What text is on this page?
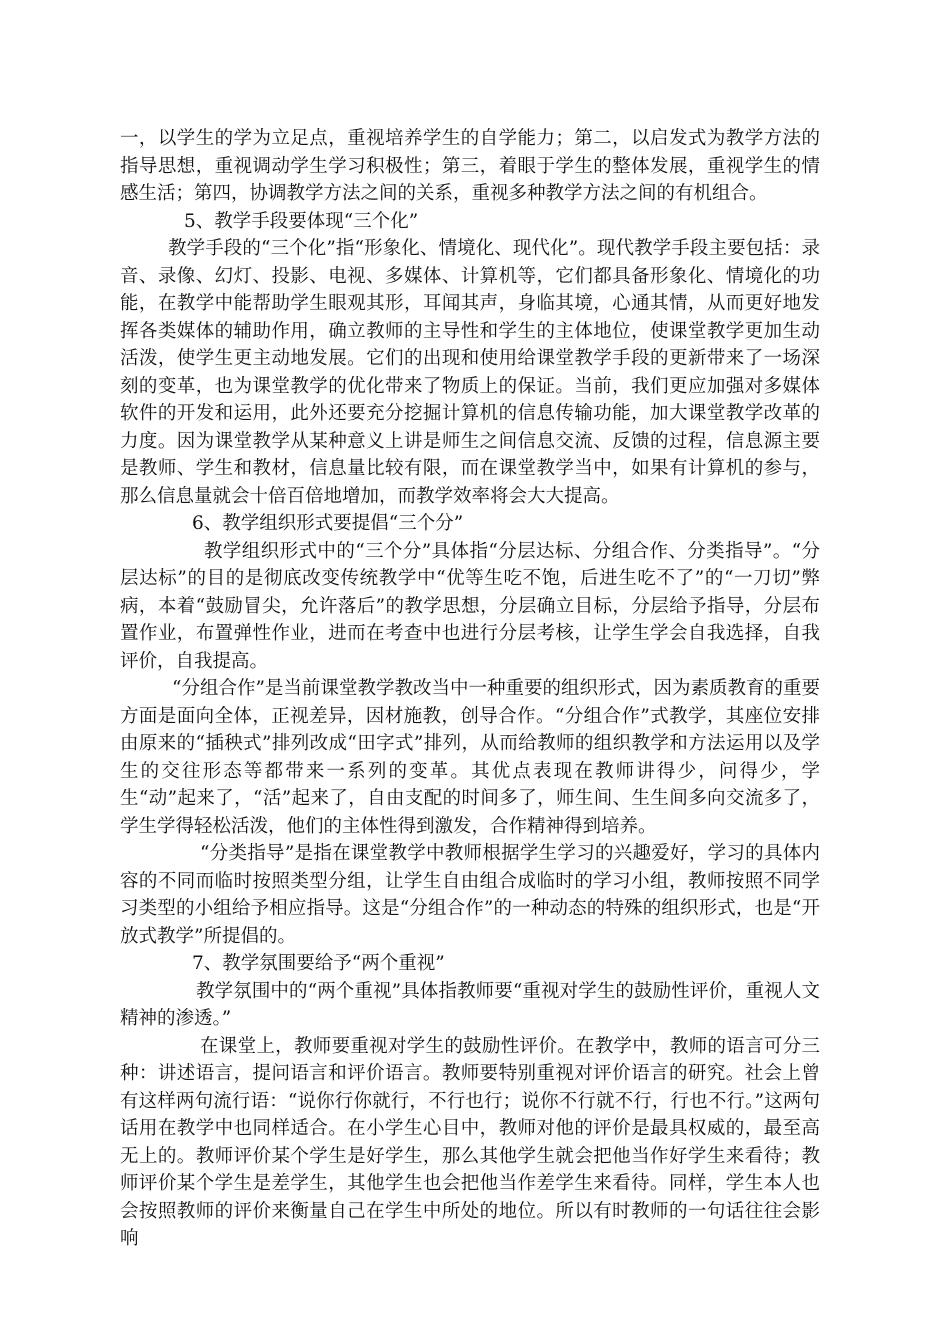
一，以学生的学为立足点，重视培养学生的自学能力；第二，以启发式为教学方法的指导思想，重视调动学生学习积极性；第三，着眼于学生的整体发展，重视学生的情感生活；第四，协调教学方法之间的关系，重视多种教学方法之间的有机组合。

5、教学手段要体现“三个化”

教学手段的“三个化”指“形象化、情境化、现代化”。现代教学手段主要包括：录音、录像、幻灯、投影、电视、多媒体、计算机等，它们都具备形象化、情境化的功能，在教学中能帮助学生眼观其形，耳闻其声，身临其境，心通其情，从而更好地发挥各类媒体的辅助作用，确立教师的主导性和学生的主体地位，使课堂教学更加生动活泼，使学生更主动地发展。它们的出现和使用给课堂教学手段的更新带来了一场深刻的变革，也为课堂教学的优化带来了物质上的保证。当前，我们更应加强对多媒体软件的开发和运用，此外还要充分挖掘计算机的信息传输功能，加大课堂教学改革的力度。因为课堂教学从某种意义上讲是师生之间信息交流、反馈的过程，信息源主要是教师、学生和教材，信息量比较有限，而在课堂教学当中，如果有计算机的参与，那么信息量就会十倍百倍地增加，而教学效率将会大大提高。

6、教学组织形式要提倡“三个分”

教学组织形式中的“三个分”具体指“分层达标、分组合作、分类指导”。“分层达标”的目的是彻底改变传统教学中“优等生吃不饱，后进生吃不了”的“一刀切”弊病，本着“鼓励冒尖，允许落后”的教学思想，分层确立目标，分层给予指导，分层布置作业，布置弹性作业，进而在考查中也进行分层考核，让学生学会自我选择，自我评价，自我提高。

“分组合作”是当前课堂教学教改当中一种重要的组织形式，因为素质教育的重要方面是面向全体，正视差异，因材施教，创导合作。“分组合作”式教学，其座位安排由原来的“插秧式”排列改成“田字式”排列，从而给教师的组织教学和方法运用以及学生的交往形态等都带来一系列的变革。其优点表现在教师讲得少，问得少，学生“动”起来了，“活”起来了，自由支配的时间多了，师生间、生生间多向交流多了，学生学得轻松活泼，他们的主体性得到激发，合作精神得到培养。

“分类指导”是指在课堂教学中教师根据学生学习的兴趣爱好，学习的具体内容的不同而临时按照类型分组，让学生自由组合成临时的学习小组，教师按照不同学习类型的小组给予相应指导。这是“分组合作”的一种动态的特殊的组织形式，也是“开放式教学”所提倡的。

7、教学氛围要给予“两个重视”

教学氛围中的“两个重视”具体指教师要“重视对学生的鼓励性评价，重视人文精神的渗透。”

在课堂上，教师要重视对学生的鼓励性评价。在教学中，教师的语言可分三种：讲述语言，提问语言和评价语言。教师要特别重视对评价语言的研究。社会上曾有这样两句流行语：“说你行你就行，不行也行；说你不行就不行，行也不行。”这两句话用在教学中也同样适合。在小学生心目中，教师对他的评价是最具权威的，最至高无上的。教师评价某个学生是好学生，那么其他学生就会把他当作好学生来看待；教师评价某个学生是差学生，其他学生也会把他当作差学生来看待。同样，学生本人也会按照教师的评价来衡量自己在学生中所处的地位。所以有时教师的一句话往往会影响
